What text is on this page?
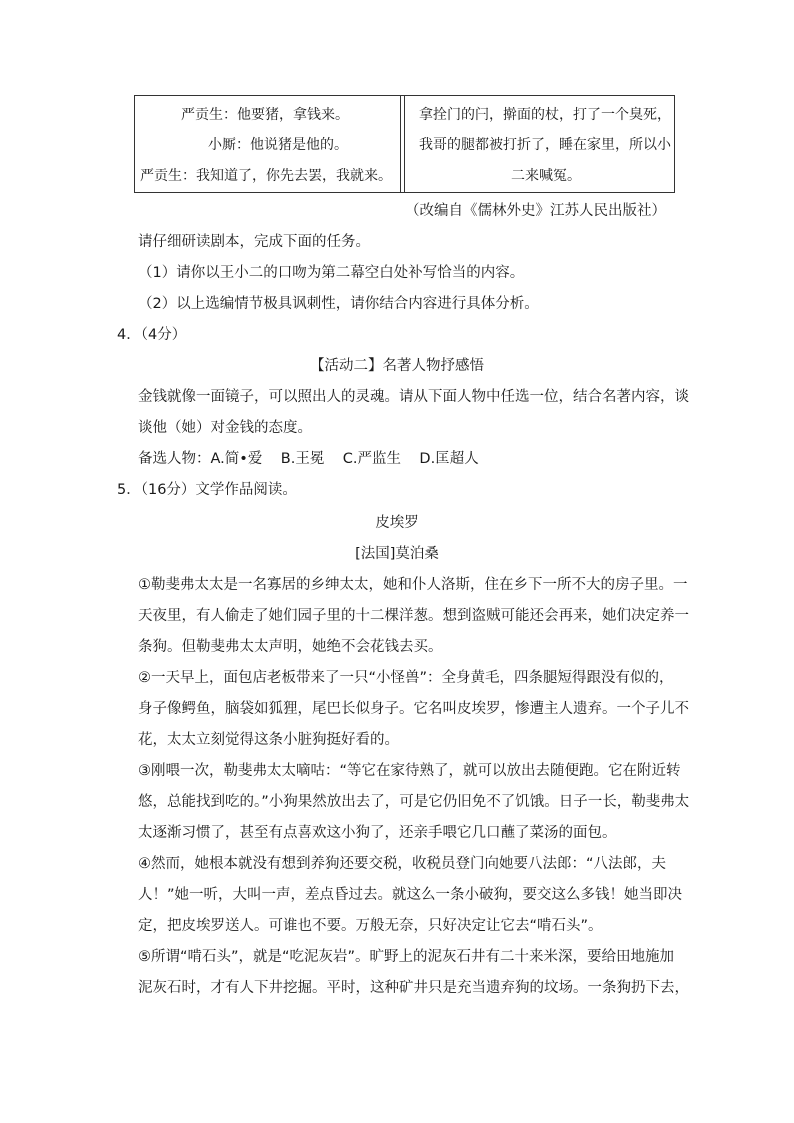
严贡生：他要猪，拿钱来。
小厮：他说猪是他的。
严贡生：我知道了，你先去罢，我就来。
拿拴门的闩，擀面的杖，打了一个臭死，
我哥的腿都被打折了，睡在家里，所以小
二来喊冤。
（改编自《儒林外史》江苏人民出版社）
请仔细研读剧本，完成下面的任务。
（1）请你以王小二的口吻为第二幕空白处补写恰当的内容。
（2）以上选编情节极具讽刺性，请你结合内容进行具体分析。
4．（4分）
【活动二】名著人物抒感悟
金钱就像一面镜子，可以照出人的灵魂。请从下面人物中任选一位，结合名著内容，谈
谈他（她）对金钱的态度。
备选人物：A.简•爱    B.王冕    C.严监生    D.匡超人
5．（16分）文学作品阅读。
皮埃罗
[法国]莫泊桑
①勒斐弗太太是一名寡居的乡绅太太，她和仆人洛斯，住在乡下一所不大的房子里。一
天夜里，有人偷走了她们园子里的十二棵洋葱。想到盗贼可能还会再来，她们决定养一
条狗。但勒斐弗太太声明，她绝不会花钱去买。
②一天早上，面包店老板带来了一只“小怪兽”：全身黄毛，四条腿短得跟没有似的，
身子像鳄鱼，脑袋如狐狸，尾巴长似身子。它名叫皮埃罗，惨遭主人遗弃。一个子儿不
花，太太立刻觉得这条小脏狗挺好看的。
③刚喂一次，勒斐弗太太嘀咕：“等它在家待熟了，就可以放出去随便跑。它在附近转
悠，总能找到吃的。”小狗果然放出去了，可是它仍旧免不了饥饿。日子一长，勒斐弗太
太逐渐习惯了，甚至有点喜欢这小狗了，还亲手喂它几口蘸了菜汤的面包。
④然而，她根本就没有想到养狗还要交税，收税员登门向她要八法郎：“八法郎，夫
人！”她一听，大叫一声，差点昏过去。就这么一条小破狗，要交这么多钱！她当即决
定，把皮埃罗送人。可谁也不要。万般无奈，只好决定让它去“啃石头”。
⑤所谓“啃石头”，就是“吃泥灰岩”。旷野上的泥灰石井有二十来米深，要给田地施加
泥灰石时，才有人下井挖掘。平时，这种矿井只是充当遗弃狗的坟场。一条狗扔下去，
